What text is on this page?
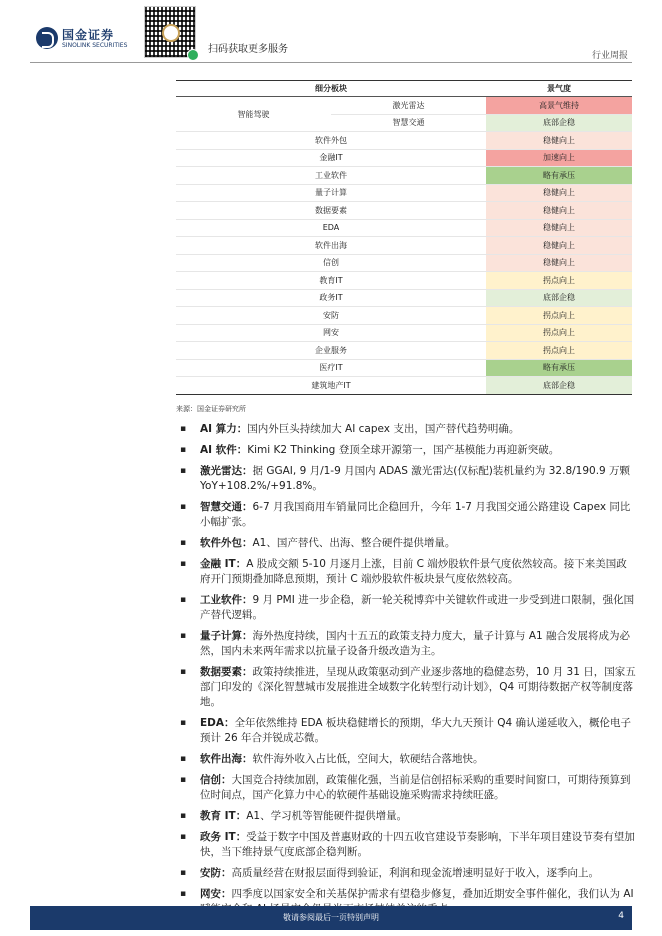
国金证券
SINOLINK SECURITIES	扫码获取更多服务
行业周报
细分板块		景气度
智能驾驶	激光雷达	高景气维持
	智慧交通	底部企稳
软件外包		稳健向上
金融IT		加速向上
工业软件		略有承压
量子计算		稳健向上
数据要素		稳健向上
EDA		稳健向上
软件出海		稳健向上
信创		稳健向上
教育IT		拐点向上
政务IT		底部企稳
安防		拐点向上
网安		拐点向上
企业服务		拐点向上
医疗IT		略有承压
建筑地产IT		底部企稳
来源：国金证券研究所
▪ AI 算力：国内外巨头持续加大 AI capex 支出，国产替代趋势明确。
▪ AI 软件：Kimi K2 Thinking 登顶全球开源第一，国产基模能力再迎新突破。
▪ 激光雷达：据 GGAI, 9 月/1-9 月国内 ADAS 激光雷达(仅标配)装机量约为 32.8/190.9 万颗 YoY+108.2%/+91.8%。
▪ 智慧交通：6-7 月我国商用车销量同比企稳回升，今年 1-7 月我国交通公路建设 Capex 同比小幅扩张。
▪ 软件外包：A1、国产替代、出海、整合硬件提供增量。
▪ 金融 IT：A 股成交额 5-10 月逐月上涨，目前 C 端炒股软件景气度依然较高。接下来美国政府开门预期叠加降息预期，预计 C 端炒股软件板块景气度依然较高。
▪ 工业软件：9 月 PMI 进一步企稳，新一轮关税博弈中关键软件或进一步受到进口限制，强化国产替代逻辑。
▪ 量子计算：海外热度持续，国内十五五的政策支持力度大，量子计算与 A1 融合发展将成为必然，国内未来两年需求以抗量子设备升级改造为主。
▪ 数据要素：政策持续推进，呈现从政策驱动到产业逐步落地的稳健态势，10 月 31 日，国家五部门印发的《深化智慧城市发展推进全域数字化转型行动计划》，Q4 可期待数据产权等制度落地。
▪ EDA：全年依然维持 EDA 板块稳健增长的预期，华大九天预计 Q4 确认递延收入，概伦电子预计 26 年合并锐成芯微。
▪ 软件出海：软件海外收入占比低，空间大，软硬结合落地快。
▪ 信创：大国竞合持续加剧，政策催化强，当前是信创招标采购的重要时间窗口，可期待预算到位时间点，国产化算力中心的软硬件基础设施采购需求持续旺盛。
▪ 教育 IT：A1、学习机等智能硬件提供增量。
▪ 政务 IT：受益于数字中国及普惠财政的十四五收官建设节奏影响，下半年项目建设节奏有望加快，当下维持景气度底部企稳判断。
▪ 安防：高质量经营在财报层面得到验证，利润和现金流增速明显好于收入，逐季向上。
▪ 网安：四季度以国家安全和关基保护需求有望稳步修复，叠加近期安全事件催化，我们认为 AI
敬请参阅最后一页特别声明	4
